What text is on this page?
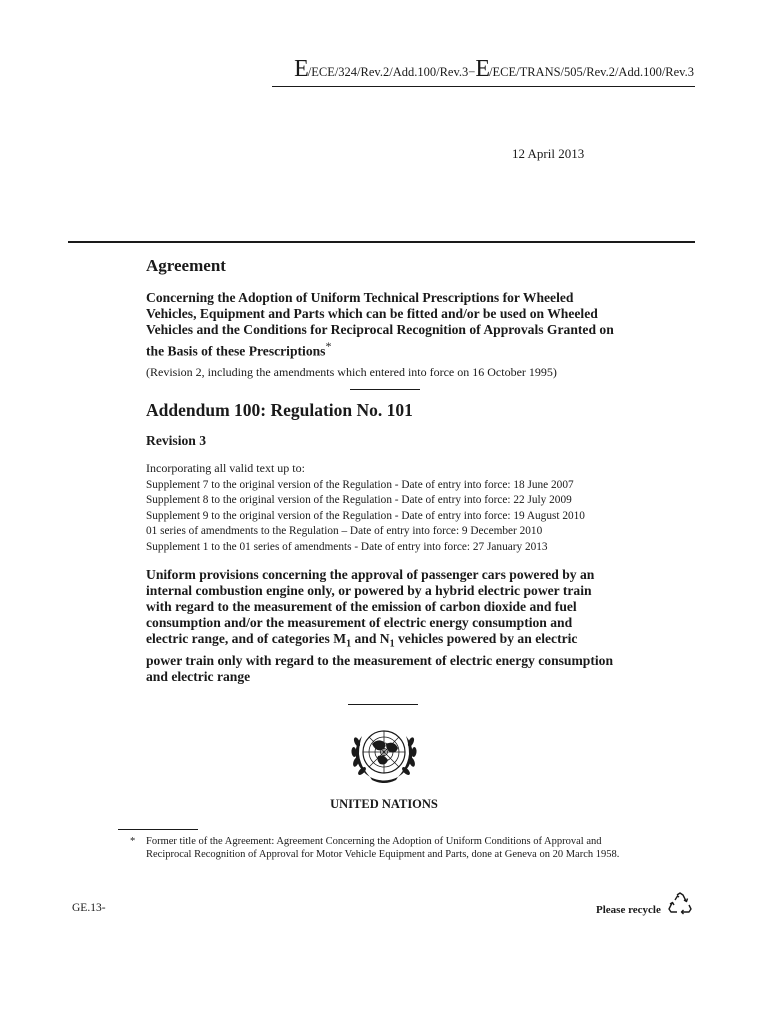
E/ECE/324/Rev.2/Add.100/Rev.3−E/ECE/TRANS/505/Rev.2/Add.100/Rev.3
12 April 2013
Agreement

Concerning the Adoption of Uniform Technical Prescriptions for Wheeled Vehicles, Equipment and Parts which can be fitted and/or be used on Wheeled Vehicles and the Conditions for Reciprocal Recognition of Approvals Granted on the Basis of these Prescriptions*

(Revision 2, including the amendments which entered into force on 16 October 1995)

Addendum 100: Regulation No. 101
Revision 3

Incorporating all valid text up to:

Supplement 7 to the original version of the Regulation - Date of entry into force: 18 June 2007

Supplement 8 to the original version of the Regulation - Date of entry into force: 22 July 2009

Supplement 9 to the original version of the Regulation - Date of entry into force: 19 August 2010

01 series of amendments to the Regulation – Date of entry into force: 9 December 2010

Supplement 1 to the 01 series of amendments - Date of entry into force: 27 January 2013

Uniform provisions concerning the approval of passenger cars powered by an internal combustion engine only, or powered by a hybrid electric power train with regard to the measurement of the emission of carbon dioxide and fuel consumption and/or the measurement of electric energy consumption and electric range, and of categories $M_1$ and $N_1$ vehicles powered by an electric power train only with regard to the measurement of electric energy consumption and electric range

UNITED NATIONS
* Former title of the Agreement: Agreement Concerning the Adoption of Uniform Conditions of Approval and Reciprocal Recognition of Approval for Motor Vehicle Equipment and Parts, done at Geneva on 20 March 1958.
GE.13-	Please recycle
